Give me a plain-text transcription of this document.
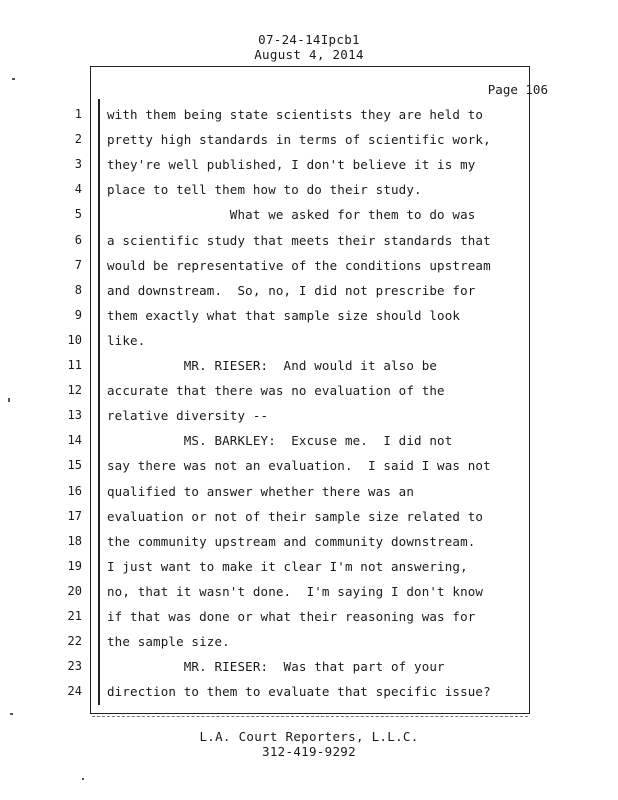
07-24-14Ipcb1
August 4, 2014
Page 106
1 with them being state scientists they are held to
2 pretty high standards in terms of scientific work,
3 they're well published, I don't believe it is my
4 place to tell them how to do their study.
5 What we asked for them to do was
6 a scientific study that meets their standards that
7 would be representative of the conditions upstream
8 and downstream.  So, no, I did not prescribe for
9 them exactly what that sample size should look
10 like.
11 MR. RIESER:  And would it also be
12 accurate that there was no evaluation of the
13 relative diversity --
14 MS. BARKLEY:  Excuse me.  I did not
15 say there was not an evaluation.  I said I was not
16 qualified to answer whether there was an
17 evaluation or not of their sample size related to
18 the community upstream and community downstream.
19 I just want to make it clear I'm not answering,
20 no, that it wasn't done.  I'm saying I don't know
21 if that was done or what their reasoning was for
22 the sample size.
23 MR. RIESER:  Was that part of your
24 direction to them to evaluate that specific issue?
L.A. Court Reporters, L.L.C.
312-419-9292
